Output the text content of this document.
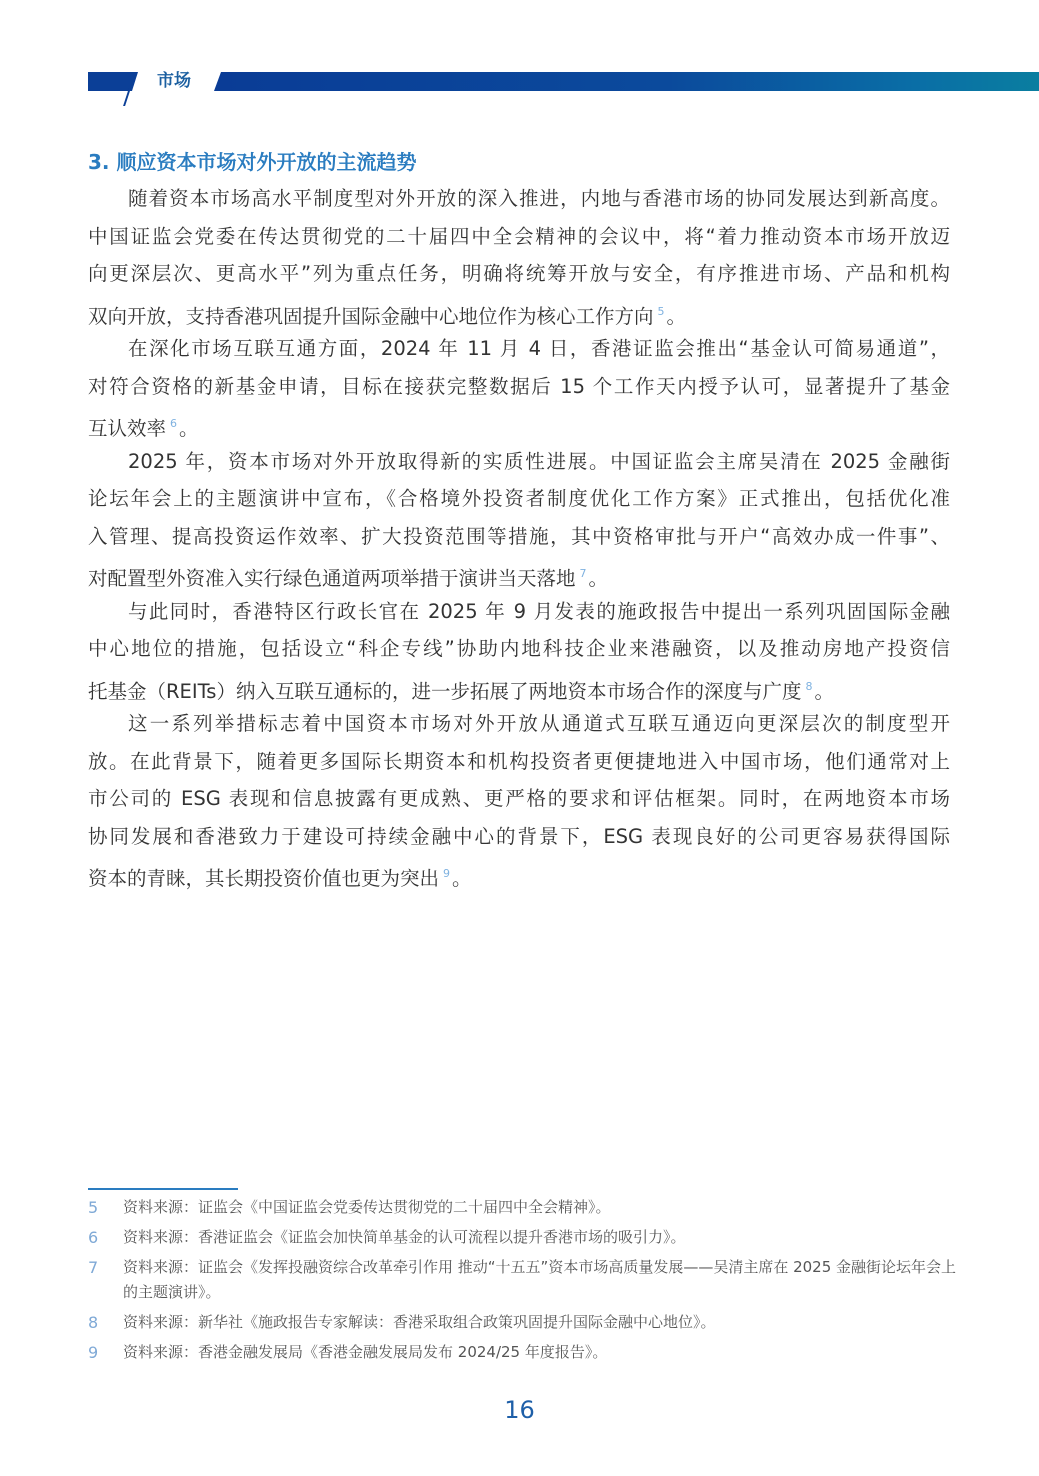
市场
3. 顺应资本市场对外开放的主流趋势
随着资本市场高水平制度型对外开放的深入推进，内地与香港市场的协同发展达到新高度。
中国证监会党委在传达贯彻党的二十届四中全会精神的会议中，将“着力推动资本市场开放迈
向更深层次、更高水平”列为重点任务，明确将统筹开放与安全，有序推进市场、产品和机构
双向开放，支持香港巩固提升国际金融中心地位作为核心工作方向 $^5$ 。
在深化市场互联互通方面，2024 年 11 月 4 日，香港证监会推出“基金认可简易通道”，
对符合资格的新基金申请，目标在接获完整数据后 15 个工作天内授予认可，显著提升了基金
互认效率 $^6$ 。
2025 年，资本市场对外开放取得新的实质性进展。中国证监会主席吴清在 2025 金融街
论坛年会上的主题演讲中宣布，《合格境外投资者制度优化工作方案》正式推出，包括优化准
入管理、提高投资运作效率、扩大投资范围等措施，其中资格审批与开户“高效办成一件事”、
对配置型外资准入实行绿色通道两项举措于演讲当天落地 $^7$ 。
与此同时，香港特区行政长官在 2025 年 9 月发表的施政报告中提出一系列巩固国际金融
中心地位的措施，包括设立“科企专线”协助内地科技企业来港融资，以及推动房地产投资信
托基金（REITs）纳入互联互通标的，进一步拓展了两地资本市场合作的深度与广度 $^8$ 。
这一系列举措标志着中国资本市场对外开放从通道式互联互通迈向更深层次的制度型开
放。在此背景下，随着更多国际长期资本和机构投资者更便捷地进入中国市场，他们通常对上
市公司的 ESG 表现和信息披露有更成熟、更严格的要求和评估框架。同时，在两地资本市场
协同发展和香港致力于建设可持续金融中心的背景下，ESG 表现良好的公司更容易获得国际
资本的青睐，其长期投资价值也更为突出 $^9$ 。
5 资料来源：证监会《中国证监会党委传达贯彻党的二十届四中全会精神》。
6 资料来源：香港证监会《证监会加快简单基金的认可流程以提升香港市场的吸引力》。
7 资料来源：证监会《发挥投融资综合改革牵引作用 推动“十五五”资本市场高质量发展——吴清主席在 2025 金融街论坛年会上的主题演讲》。
8 资料来源：新华社《施政报告专家解读：香港采取组合政策巩固提升国际金融中心地位》。
9 资料来源：香港金融发展局《香港金融发展局发布 2024/25 年度报告》。
16
